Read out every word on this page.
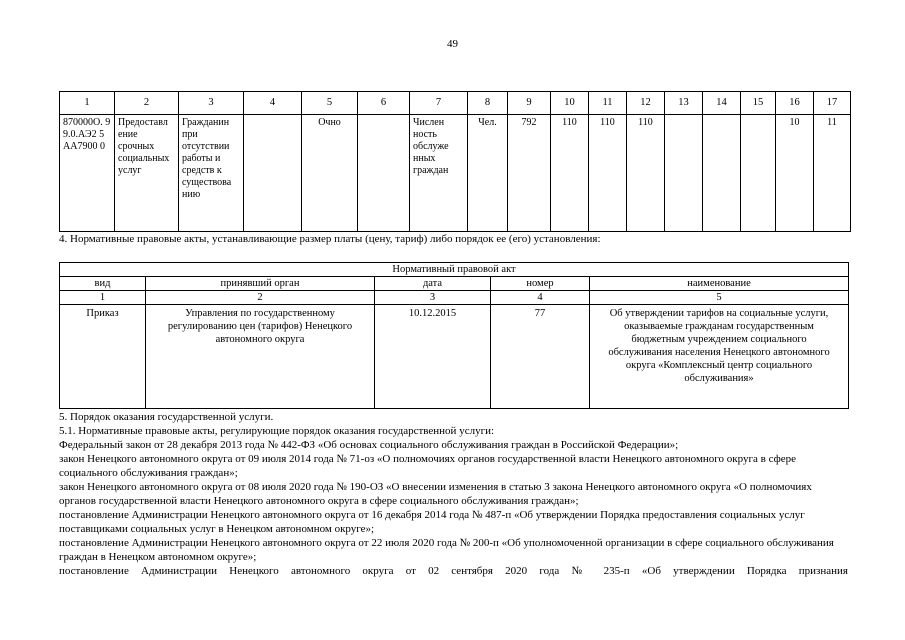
49
1	2	3	4	5	6	7	8	9	10	11	12	13	14	15	16	17
870000О. 99.0.АЭ2 5АА7900 0	Предоставл ение срочных социальных услуг	Гражданин при отсутствии работы и средств к существова нию		Очно		Числен ность обслуже нных граждан	Чел.	792	110	110	110				10	11
4. Нормативные правовые акты, устанавливающие размер платы (цену, тариф) либо порядок ее (его) установления:
Нормативный правовой акт				
вид	принявший орган	дата	номер	наименование
1	2	3	4	5
Приказ	Управления по государственному регулированию цен (тарифов) Ненецкого автономного округа	10.12.2015	77	Об утверждении тарифов на социальные услуги, оказываемые гражданам государственным бюджетным учреждением социального обслуживания населения Ненецкого автономного округа «Комплексный центр социального обслуживания»

5. Порядок оказания государственной услуги.

5.1. Нормативные правовые акты, регулирующие порядок оказания государственной услуги:

Федеральный закон от 28 декабря 2013 года № 442-ФЗ «Об основах социального обслуживания граждан в Российской Федерации»;

закон Ненецкого автономного округа от 09 июля 2014 года № 71-оз «О полномочиях органов государственной власти Ненецкого автономного округа в сфере социального обслуживания граждан»;

закон Ненецкого автономного округа от 08 июля 2020 года № 190-ОЗ «О внесении изменения в статью 3 закона Ненецкого автономного округа «О полномочиях органов государственной власти Ненецкого автономного округа в сфере социального обслуживания граждан»;

постановление Администрации Ненецкого автономного округа от 16 декабря 2014 года № 487-п «Об утверждении Порядка предоставления социальных услуг поставщиками социальных услуг в Ненецком автономном округе»;

постановление Администрации Ненецкого автономного округа от 22 июля 2020 года № 200-п «Об уполномоченной организации в сфере социального обслуживания граждан в Ненецком автономном округе»;

постановление Администрации Ненецкого автономного округа от 02 сентября 2020 года № 235-п «Об утверждении Порядка признания
